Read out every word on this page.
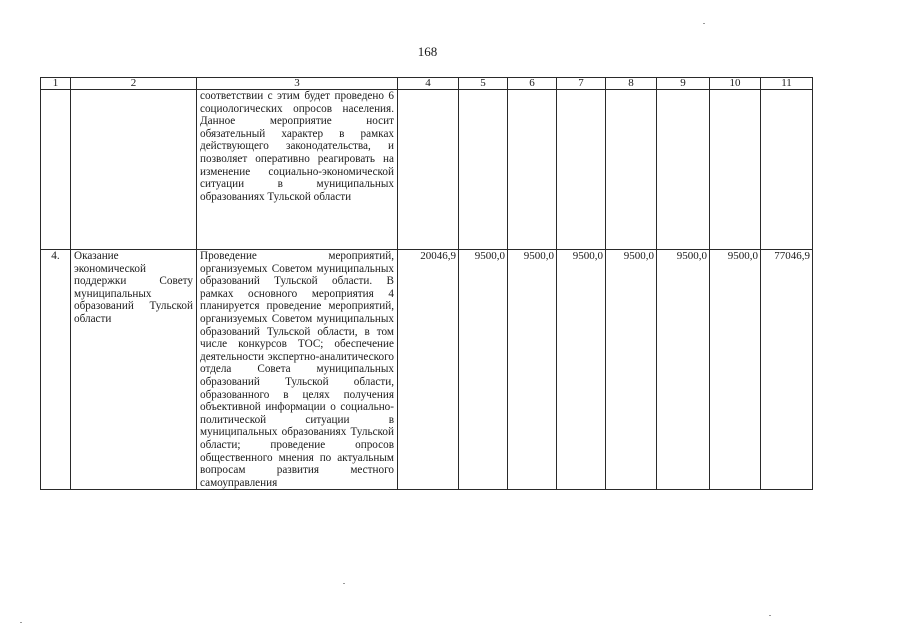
168
1	2	3	4	5	6	7	8	9	10	11
		соответствии с этим будет проведено 6 социологических опросов населения. Данное мероприятие носит обязательный характер в рамках действующего законодательства, и позволяет оперативно реагировать на изменение социально-экономической ситуации в муниципальных образованиях Тульской области								
4.	Оказание экономической поддержки Совету муниципальных образований Тульской области	Проведение мероприятий, организуемых Советом муниципальных образований Тульской области. В рамках основного мероприятия 4 планируется проведение мероприятий, организуемых Советом муниципальных образований Тульской области, в том числе конкурсов ТОС; обеспечение деятельности экспертно-аналитического отдела Совета муниципальных образований Тульской области, образованного в целях получения объективной информации о социально-политической ситуации в муниципальных образованиях Тульской области; проведение опросов общественного мнения по актуальным вопросам развития местного самоуправления	20046,9	9500,0	9500,0	9500,0	9500,0	9500,0	9500,0	77046,9
